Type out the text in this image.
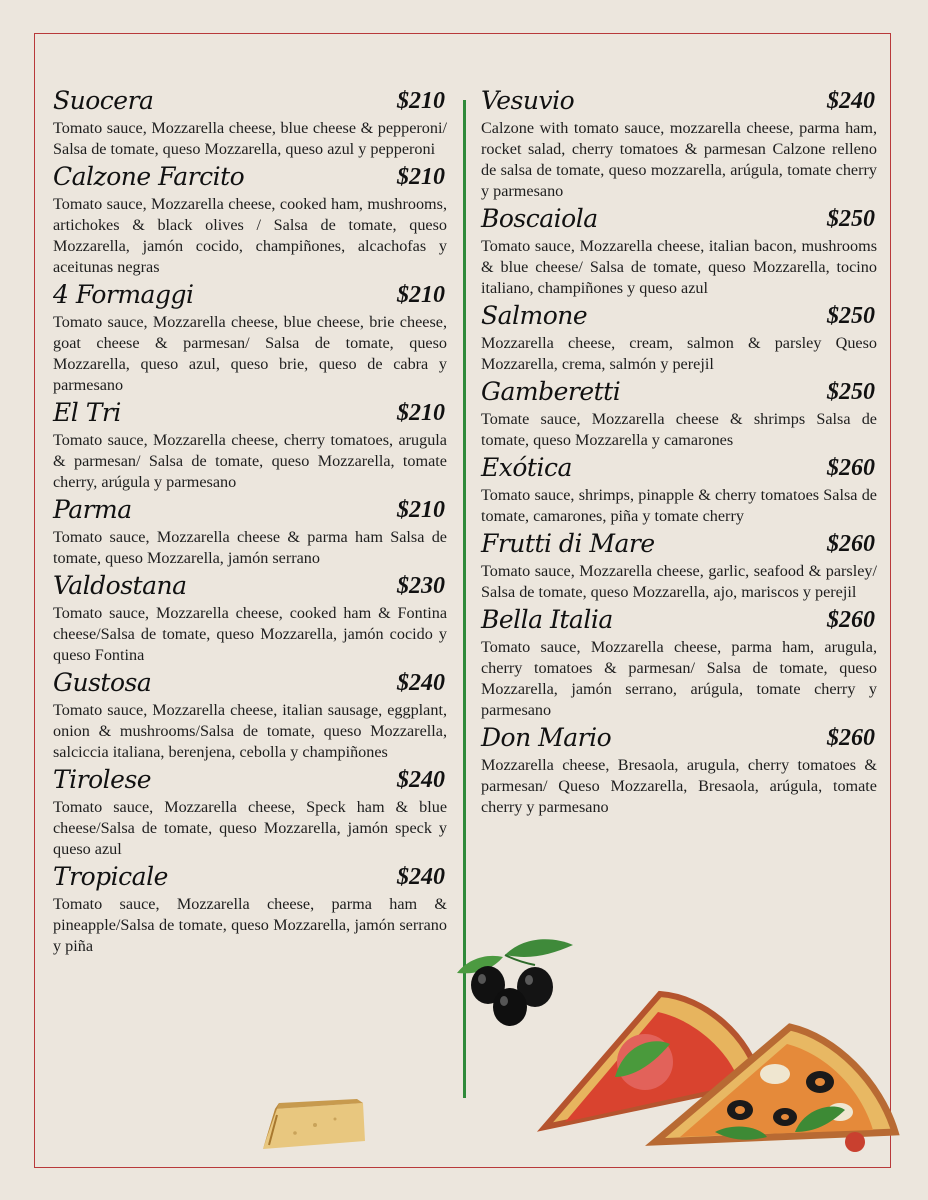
Suocera	$210

Tomato sauce, Mozzarella cheese, blue cheese & pepperoni/ Salsa de tomate, queso Mozzarella, queso azul y pepperoni

Calzone Farcito	$210

Tomato sauce, Mozzarella cheese, cooked ham, mushrooms, artichokes & black olives / Salsa de tomate, queso Mozzarella, jamón cocido, champiñones, alcachofas y aceitunas negras

4 Formaggi	$210

Tomato sauce, Mozzarella cheese, blue cheese, brie cheese, goat cheese & parmesan/ Salsa de tomate, queso Mozzarella, queso azul, queso brie, queso de cabra y parmesano

El Tri	$210

Tomato sauce, Mozzarella cheese, cherry tomatoes, arugula & parmesan/ Salsa de tomate, queso Mozzarella, tomate cherry, arúgula y parmesano

Parma	$210

Tomato sauce, Mozzarella cheese & parma ham Salsa de tomate, queso Mozzarella, jamón serrano

Valdostana	$230

Tomato sauce, Mozzarella cheese, cooked ham & Fontina cheese/Salsa de tomate, queso Mozzarella, jamón cocido y queso Fontina

Gustosa	$240

Tomato sauce, Mozzarella cheese, italian sausage, eggplant, onion & mushrooms/Salsa de tomate, queso Mozzarella, salciccia italiana, berenjena, cebolla y champiñones

Tirolese	$240

Tomato sauce, Mozzarella cheese, Speck ham & blue cheese/Salsa de tomate, queso Mozzarella, jamón speck y queso azul

Tropicale	$240

Tomato sauce, Mozzarella cheese, parma ham & pineapple/Salsa de tomate, queso Mozzarella, jamón serrano y piña

Vesuvio	$240

Calzone with tomato sauce, mozzarella cheese, parma ham, rocket salad, cherry tomatoes & parmesan Calzone relleno de salsa de tomate, queso mozzarella, arúgula, tomate cherry y parmesano

Boscaiola	$250

Tomato sauce, Mozzarella cheese, italian bacon, mushrooms & blue cheese/ Salsa de tomate, queso Mozzarella, tocino italiano, champiñones y queso azul

Salmone	$250

Mozzarella cheese, cream, salmon & parsley Queso Mozzarella, crema, salmón y perejil

Gamberetti	$250

Tomate sauce, Mozzarella cheese & shrimps Salsa de tomate, queso Mozzarella y camarones

Exótica	$260

Tomato sauce, shrimps, pinapple & cherry tomatoes Salsa de tomate, camarones, piña y tomate cherry

Frutti di Mare	$260

Tomato sauce, Mozzarella cheese, garlic, seafood & parsley/ Salsa de tomate, queso Mozzarella, ajo, mariscos y perejil

Bella Italia	$260

Tomato sauce, Mozzarella cheese, parma ham, arugula, cherry tomatoes & parmesan/ Salsa de tomate, queso Mozzarella, jamón serrano, arúgula, tomate cherry y parmesano

Don Mario	$260

Mozzarella cheese, Bresaola, arugula, cherry tomatoes & parmesan/ Queso Mozzarella, Bresaola, arúgula, tomate cherry y parmesano
